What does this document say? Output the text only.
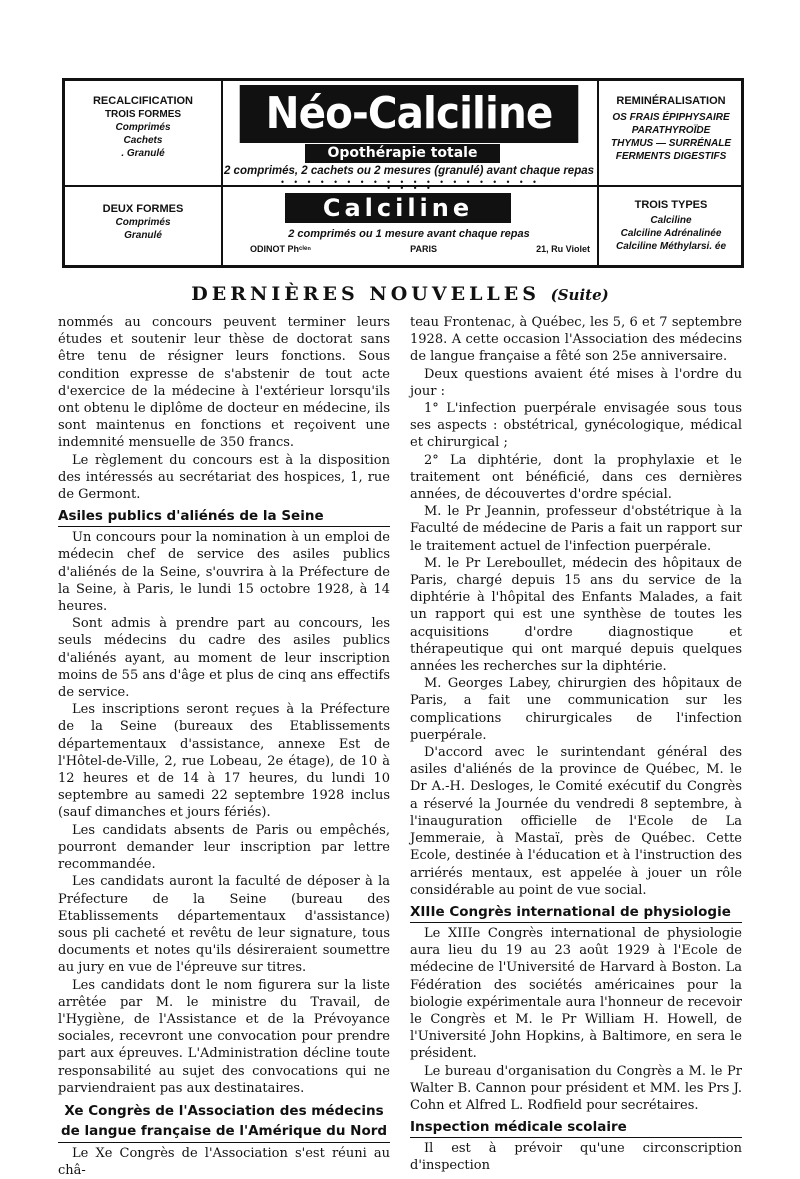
RECALCIFICATION
TROIS FORMES
Comprimés
Cachets
. Granulé
DEUX FORMES
Comprimés
Granulé
Néo-Calciline
Opothérapie totale
2 comprimés, 2 cachets ou 2 mesures (granulé) avant chaque repas
• • • • • • • • • • • • • • • • • • • • • • • •
Calciline
2 comprimés ou 1 mesure avant chaque repas
ODINOT Phᶜⁱᵉⁿ	PARIS	21, Ru Violet
REMINÉRALISATION
OS FRAIS ÉPIPHYSAIRE
PARATHYROÏDE
THYMUS — SURRÉNALE
FERMENTS DIGESTIFS
TROIS TYPES
Calciline
Calciline Adrénalinée
Calciline Méthylarsi. ée
DERNIÈRES NOUVELLES (Suite)

nommés au concours peuvent terminer leurs études et soutenir leur thèse de doctorat sans être tenu de résigner leurs fonctions. Sous condition expresse de s'abstenir de tout acte d'exercice de la médecine à l'extérieur lorsqu'ils ont obtenu le diplôme de docteur en médecine, ils sont maintenus en fonctions et reçoivent une indemnité mensuelle de 350 francs.

Le règlement du concours est à la disposition des intéressés au secrétariat des hospices, 1, rue de Germont.

Asiles publics d'aliénés de la Seine

Un concours pour la nomination à un emploi de médecin chef de service des asiles publics d'aliénés de la Seine, s'ouvrira à la Préfecture de la Seine, à Paris, le lundi 15 octobre 1928, à 14 heures.

Sont admis à prendre part au concours, les seuls médecins du cadre des asiles publics d'aliénés ayant, au moment de leur inscription moins de 55 ans d'âge et plus de cinq ans effectifs de service.

Les inscriptions seront reçues à la Préfecture de la Seine (bureaux des Etablissements départementaux d'assistance, annexe Est de l'Hôtel-de-Ville, 2, rue Lobeau, 2e étage), de 10 à 12 heures et de 14 à 17 heures, du lundi 10 septembre au samedi 22 septembre 1928 inclus (sauf dimanches et jours fériés).

Les candidats absents de Paris ou empêchés, pourront demander leur inscription par lettre recommandée.

Les candidats auront la faculté de déposer à la Préfecture de la Seine (bureau des Etablissements départementaux d'assistance) sous pli cacheté et revêtu de leur signature, tous documents et notes qu'ils désireraient soumettre au jury en vue de l'épreuve sur titres.

Les candidats dont le nom figurera sur la liste arrêtée par M. le ministre du Travail, de l'Hygiène, de l'Assistance et de la Prévoyance sociales, recevront une convocation pour prendre part aux épreuves. L'Administration décline toute responsabilité au sujet des convocations qui ne parviendraient pas aux destinataires.

Xe Congrès de l'Association des médecins de langue française de l'Amérique du Nord

Le Xe Congrès de l'Association s'est réuni au châ-

teau Frontenac, à Québec, les 5, 6 et 7 septembre 1928. A cette occasion l'Association des médecins de langue française a fêté son 25e anniversaire.

Deux questions avaient été mises à l'ordre du jour :

1° L'infection puerpérale envisagée sous tous ses aspects : obstétrical, gynécologique, médical et chirurgical ;

2° La diphtérie, dont la prophylaxie et le traitement ont bénéficié, dans ces dernières années, de découvertes d'ordre spécial.

M. le Pr Jeannin, professeur d'obstétrique à la Faculté de médecine de Paris a fait un rapport sur le traitement actuel de l'infection puerpérale.

M. le Pr Lereboullet, médecin des hôpitaux de Paris, chargé depuis 15 ans du service de la diphtérie à l'hôpital des Enfants Malades, a fait un rapport qui est une synthèse de toutes les acquisitions d'ordre diagnostique et thérapeutique qui ont marqué depuis quelques années les recherches sur la diphtérie.

M. Georges Labey, chirurgien des hôpitaux de Paris, a fait une communication sur les complications chirurgicales de l'infection puerpérale.

D'accord avec le surintendant général des asiles d'aliénés de la province de Québec, M. le Dr A.-H. Desloges, le Comité exécutif du Congrès a réservé la Journée du vendredi 8 septembre, à l'inauguration officielle de l'Ecole de La Jemmeraie, à Mastaï, près de Québec. Cette Ecole, destinée à l'éducation et à l'instruction des arriérés mentaux, est appelée à jouer un rôle considérable au point de vue social.

XIIIe Congrès international de physiologie

Le XIIIe Congrès international de physiologie aura lieu du 19 au 23 août 1929 à l'Ecole de médecine de l'Université de Harvard à Boston. La Fédération des sociétés américaines pour la biologie expérimentale aura l'honneur de recevoir le Congrès et M. le Pr William H. Howell, de l'Université John Hopkins, à Baltimore, en sera le président.

Le bureau d'organisation du Congrès a M. le Pr Walter B. Cannon pour président et MM. les Prs J. Cohn et Alfred L. Rodfield pour secrétaires.

Inspection médicale scolaire

Il est à prévoir qu'une circonscription d'inspection
